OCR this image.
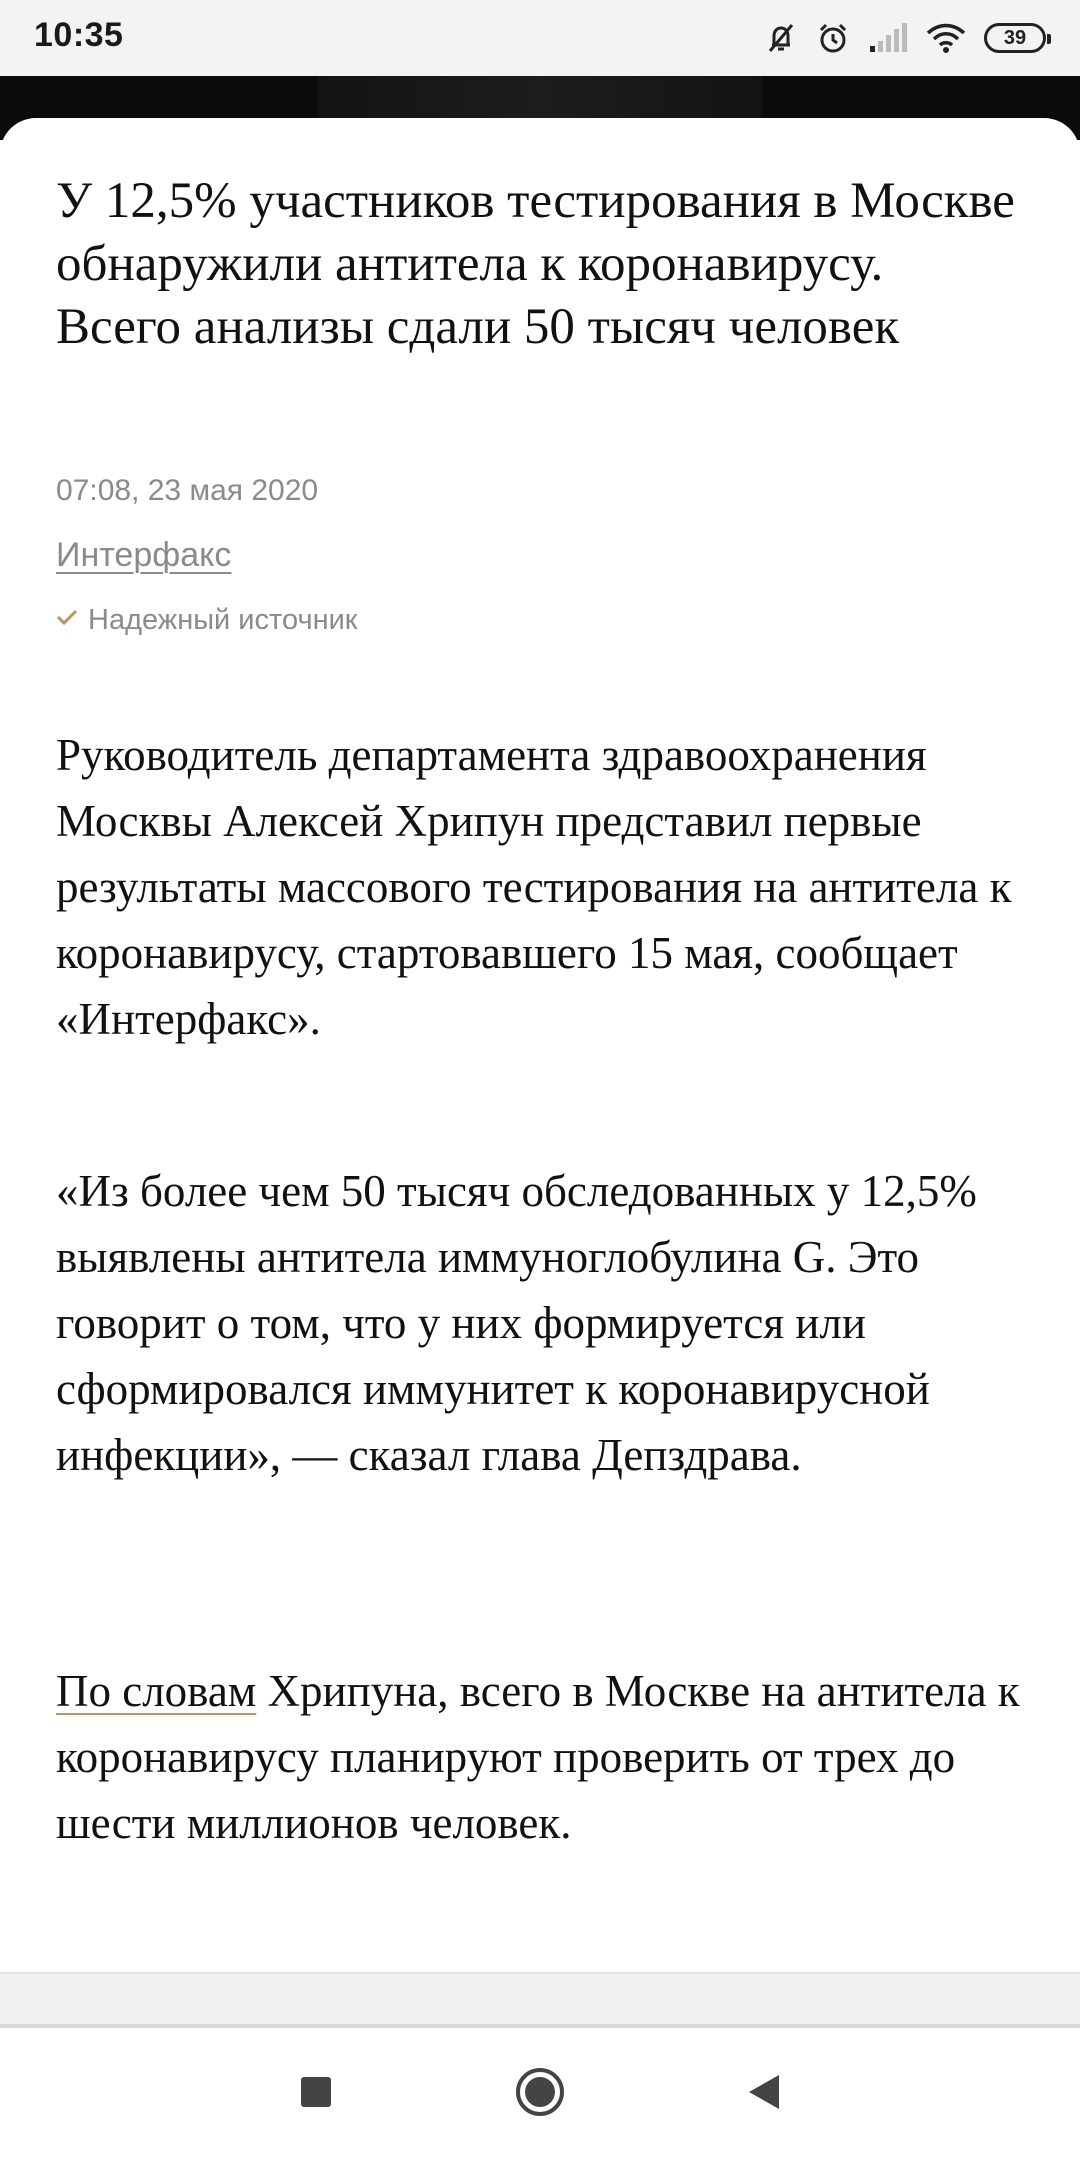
10:35	39
У 12,5% участников тестирования в Москве обнаружили антитела к коронавирусу. Всего анализы сдали 50 тысяч человек
07:08, 23 мая 2020
Интерфакс
Надежный источник

Руководитель департамента здравоохранения Москвы Алексей Хрипун представил первые результаты массового тестирования на антитела к коронавирусу, стартовавшего 15 мая, сообщает «Интерфакс».

«Из более чем 50 тысяч обследованных у 12,5% выявлены антитела иммуноглобулина G. Это говорит о том, что у них формируется или сформировался иммунитет к коронавирусной инфекции», — сказал глава Депздрава.

По словам Хрипуна, всего в Москве на антитела к коронавирусу планируют проверить от трех до шести миллионов человек.
